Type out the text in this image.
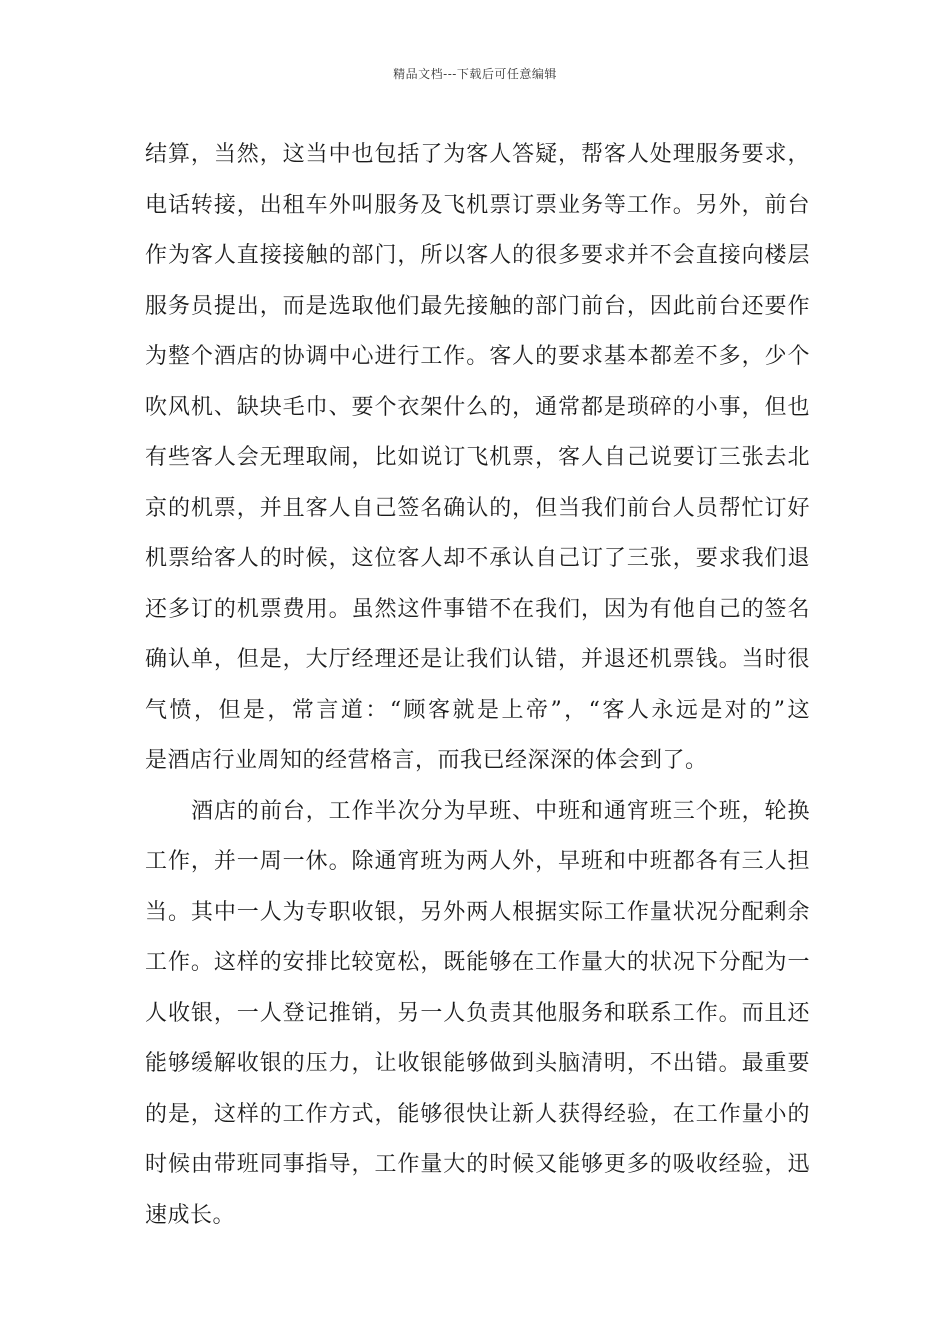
精品文档---下载后可任意编辑
结算，当然，这当中也包括了为客人答疑，帮客人处理服务要求，
电话转接，出租车外叫服务及飞机票订票业务等工作。另外，前台
作为客人直接接触的部门，所以客人的很多要求并不会直接向楼层
服务员提出，而是选取他们最先接触的部门前台，因此前台还要作
为整个酒店的协调中心进行工作。客人的要求基本都差不多，少个
吹风机、缺块毛巾、要个衣架什么的，通常都是琐碎的小事，但也
有些客人会无理取闹，比如说订飞机票，客人自己说要订三张去北
京的机票，并且客人自己签名确认的，但当我们前台人员帮忙订好
机票给客人的时候，这位客人却不承认自己订了三张，要求我们退
还多订的机票费用。虽然这件事错不在我们，因为有他自己的签名
确认单，但是，大厅经理还是让我们认错，并退还机票钱。当时很
气愤，但是，常言道：“顾客就是上帝”，“客人永远是对的”这
是酒店行业周知的经营格言，而我已经深深的体会到了。
酒店的前台，工作半次分为早班、中班和通宵班三个班，轮换
工作，并一周一休。除通宵班为两人外，早班和中班都各有三人担
当。其中一人为专职收银，另外两人根据实际工作量状况分配剩余
工作。这样的安排比较宽松，既能够在工作量大的状况下分配为一
人收银，一人登记推销，另一人负责其他服务和联系工作。而且还
能够缓解收银的压力，让收银能够做到头脑清明，不出错。最重要
的是，这样的工作方式，能够很快让新人获得经验，在工作量小的
时候由带班同事指导，工作量大的时候又能够更多的吸收经验，迅
速成长。
